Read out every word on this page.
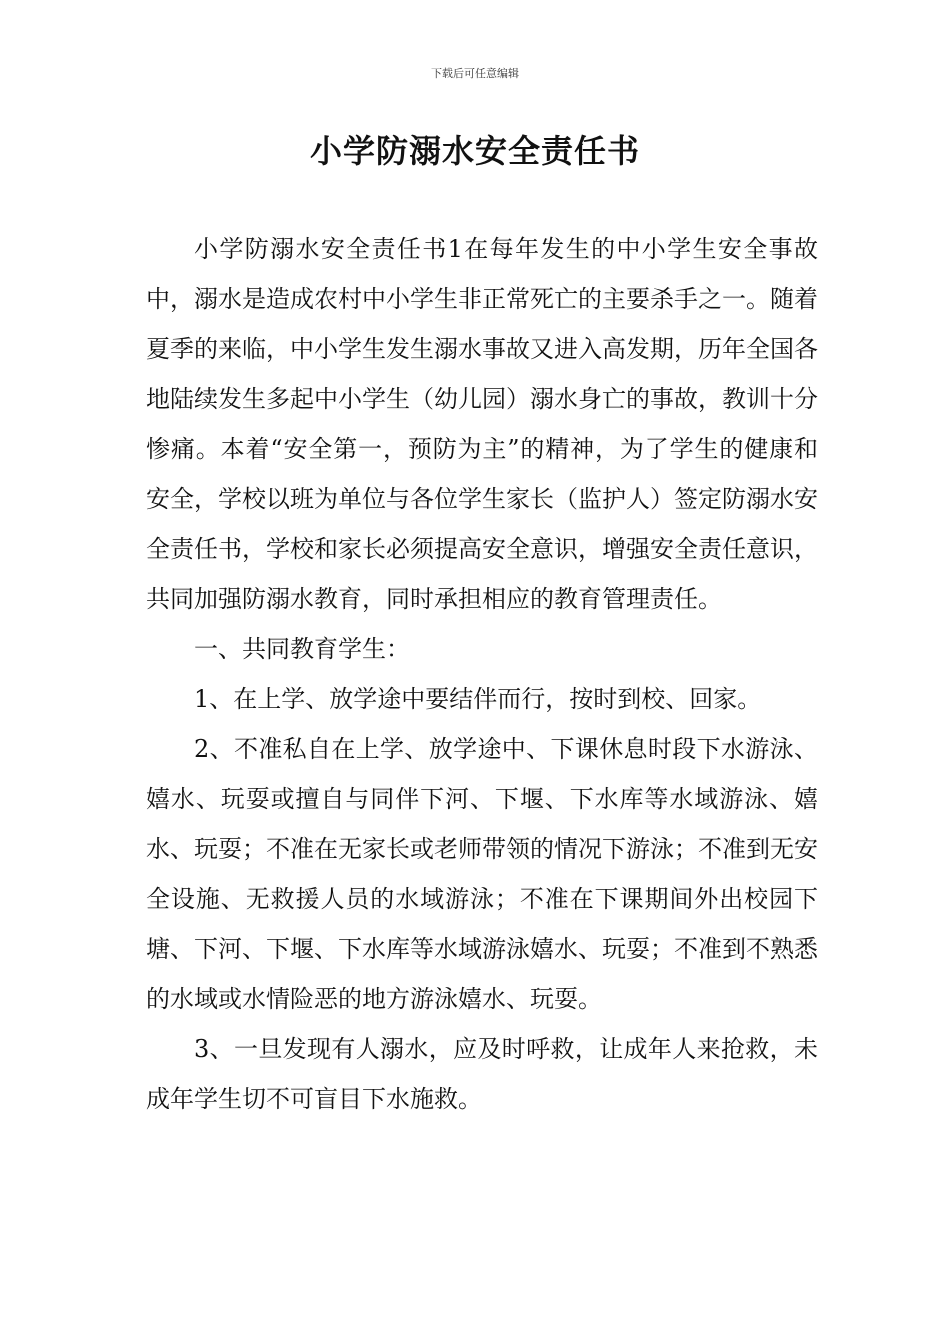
下载后可任意编辑
小学防溺水安全责任书

小学防溺水安全责任书1在每年发生的中小学生安全事故中，溺水是造成农村中小学生非正常死亡的主要杀手之一。随着夏季的来临，中小学生发生溺水事故又进入高发期，历年全国各地陆续发生多起中小学生（幼儿园）溺水身亡的事故，教训十分惨痛。本着“安全第一，预防为主”的精神，为了学生的健康和安全，学校以班为单位与各位学生家长（监护人）签定防溺水安全责任书，学校和家长必须提高安全意识，增强安全责任意识，共同加强防溺水教育，同时承担相应的教育管理责任。

一、共同教育学生：

1、在上学、放学途中要结伴而行，按时到校、回家。

2、不准私自在上学、放学途中、下课休息时段下水游泳、嬉水、玩耍或擅自与同伴下河、下堰、下水库等水域游泳、嬉水、玩耍；不准在无家长或老师带领的情况下游泳；不准到无安全设施、无救援人员的水域游泳；不准在下课期间外出校园下塘、下河、下堰、下水库等水域游泳嬉水、玩耍；不准到不熟悉的水域或水情险恶的地方游泳嬉水、玩耍。

3、一旦发现有人溺水，应及时呼救，让成年人来抢救，未成年学生切不可盲目下水施救。
